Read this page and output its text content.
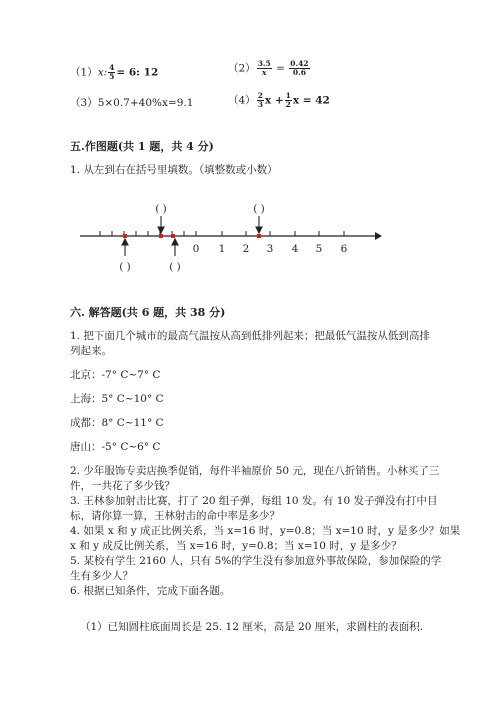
（1）x: $\frac{4}{5} = 6$: 12	$(2) \frac{3.5}{x} = \frac{0.42}{0.6}$
（3）5×0.7+40%x=9.1	$(4) \frac{2}{3}$ $x + \frac{1}{2}$ x = 42
五.作图题(共 1 题，共 4 分)
1. 从左到右在括号里填数。（填整数或小数）
0 1 2 3 4 5 6
( )	( )
( )	( )
六. 解答题(共 6 题，共 38 分)
1. 把下面几个城市的最高气温按从高到低排列起来；把最低气温按从低到高排
列起来。
北京：-7° C~7° C
上海：5° C~10° C
成都：8° C~11° C
唐山：-5° C~6° C
2. 少年服饰专卖店换季促销，每件半袖原价 50 元，现在八折销售。小林买了三
件，一共花了多少钱？
3. 王林参加射击比赛，打了 20 组子弹，每组 10 发。有 10 发子弹没有打中目
标，请你算一算，王林射击的命中率是多少？
4. 如果 x 和 y 成正比例关系，当 x=16 时，y=0.8；当 x=10 时，y 是多少？如果
x 和 y 成反比例关系，当 x=16 时，y=0.8；当 x=10 时，y 是多少？
5. 某校有学生 2160 人，只有 5%的学生没有参加意外事故保险，参加保险的学
生有多少人？
6. 根据已知条件，完成下面各题。
（1）已知圆柱底面周长是 25. 12 厘米，高是 20 厘米，求圆柱的表面积.
